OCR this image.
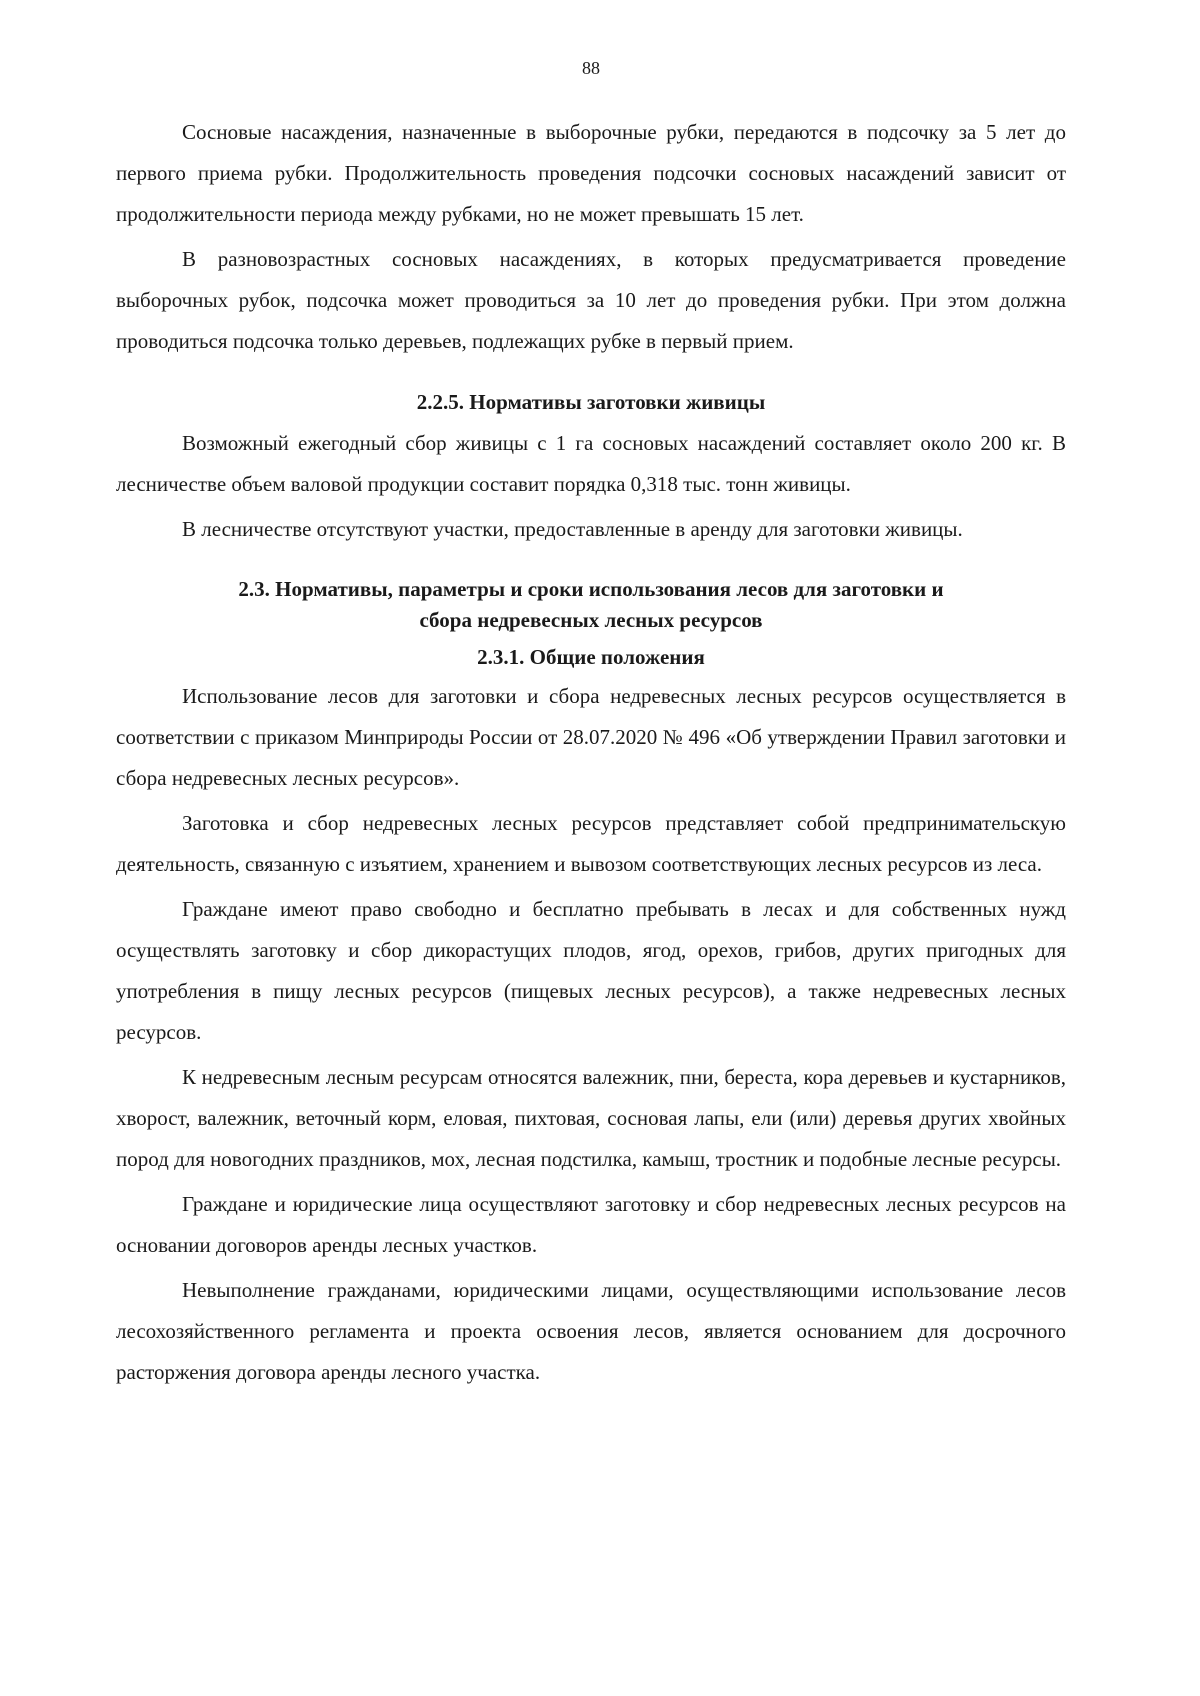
88

Сосновые насаждения, назначенные в выборочные рубки, передаются в подсочку за 5 лет до первого приема рубки. Продолжительность проведения подсочки сосновых насаждений зависит от продолжительности периода между рубками, но не может превышать 15 лет.

В разновозрастных сосновых насаждениях, в которых предусматривается проведение выборочных рубок, подсочка может проводиться за 10 лет до проведения рубки. При этом должна проводиться подсочка только деревьев, подлежащих рубке в первый прием.

2.2.5. Нормативы заготовки живицы

Возможный ежегодный сбор живицы с 1 га сосновых насаждений составляет около 200 кг. В лесничестве объем валовой продукции составит порядка 0,318 тыс. тонн живицы.

В лесничестве отсутствуют участки, предоставленные в аренду для заготовки живицы.

2.3. Нормативы, параметры и сроки использования лесов для заготовки и сбора недревесных лесных ресурсов
2.3.1. Общие положения

Использование лесов для заготовки и сбора недревесных лесных ресурсов осуществляется в соответствии с приказом Минприроды России от 28.07.2020 № 496 «Об утверждении Правил заготовки и сбора недревесных лесных ресурсов».

Заготовка и сбор недревесных лесных ресурсов представляет собой предпринимательскую деятельность, связанную с изъятием, хранением и вывозом соответствующих лесных ресурсов из леса.

Граждане имеют право свободно и бесплатно пребывать в лесах и для собственных нужд осуществлять заготовку и сбор дикорастущих плодов, ягод, орехов, грибов, других пригодных для употребления в пищу лесных ресурсов (пищевых лесных ресурсов), а также недревесных лесных ресурсов.

К недревесным лесным ресурсам относятся валежник, пни, береста, кора деревьев и кустарников, хворост, валежник, веточный корм, еловая, пихтовая, сосновая лапы, ели (или) деревья других хвойных пород для новогодних праздников, мох, лесная подстилка, камыш, тростник и подобные лесные ресурсы.

Граждане и юридические лица осуществляют заготовку и сбор недревесных лесных ресурсов на основании договоров аренды лесных участков.

Невыполнение гражданами, юридическими лицами, осуществляющими использование лесов лесохозяйственного регламента и проекта освоения лесов, является основанием для досрочного расторжения договора аренды лесного участка.
